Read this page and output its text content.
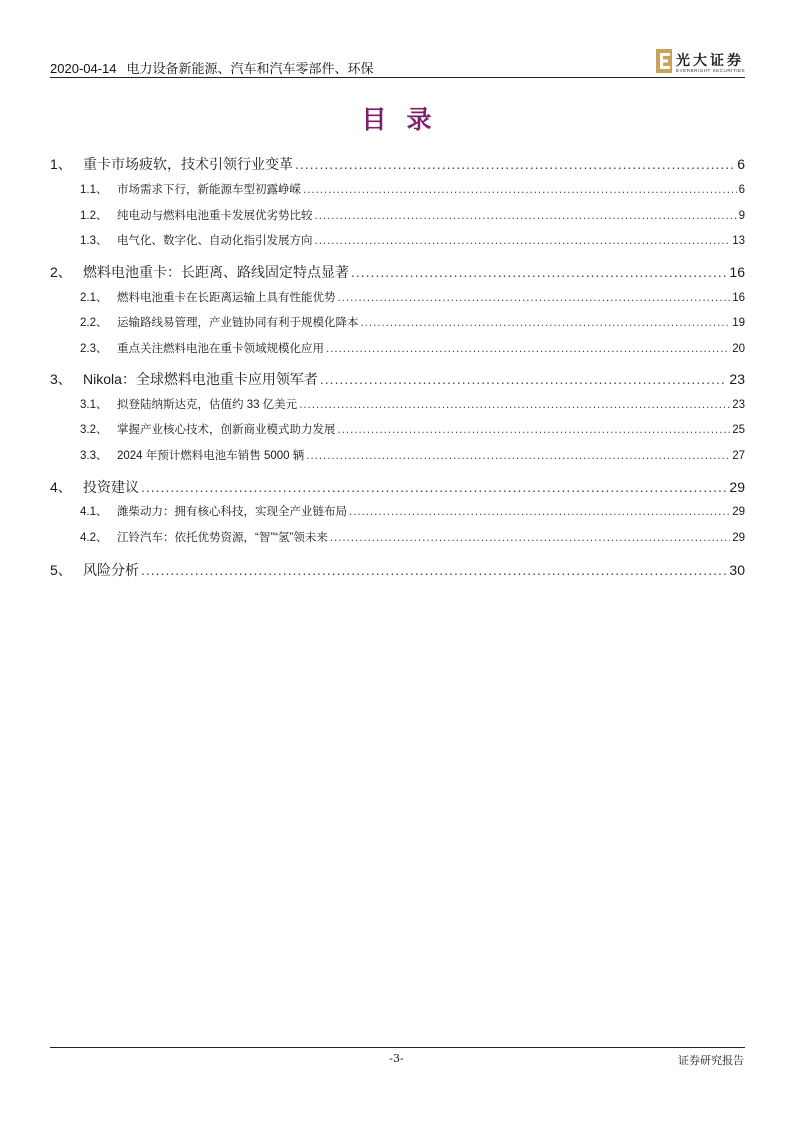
2020-04-14 电力设备新能源、汽车和汽车零部件、环保	光大证券
EVERBRIGHT SECURITIES
目录
1、 重卡市场疲软，技术引领行业变革 .....	6
1.1、 市场需求下行，新能源车型初露峥嵘 .....	6
1.2、 纯电动与燃料电池重卡发展优劣势比较 .....	9
1.3、 电气化、数字化、自动化指引发展方向 .....	13
2、 燃料电池重卡：长距离、路线固定特点显著 .....	16
2.1、 燃料电池重卡在长距离运输上具有性能优势 .....	16
2.2、 运输路线易管理，产业链协同有利于规模化降本 .....	19
2.3、 重点关注燃料电池在重卡领域规模化应用 .....	20
3、 Nikola：全球燃料电池重卡应用领军者 .....	23
3.1、 拟登陆纳斯达克，估值约 33 亿美元 .....	23
3.2、 掌握产业核心技术，创新商业模式助力发展 .....	25
3.3、 2024 年预计燃料电池车销售 5000 辆 .....	27
4、 投资建议 .....	29
4.1、 潍柴动力：拥有核心科技，实现全产业链布局 .....	29
4.2、 江铃汽车：依托优势资源，“智”“氢”领未来 .....	29
5、 风险分析 .....	30
-3-	证券研究报告
